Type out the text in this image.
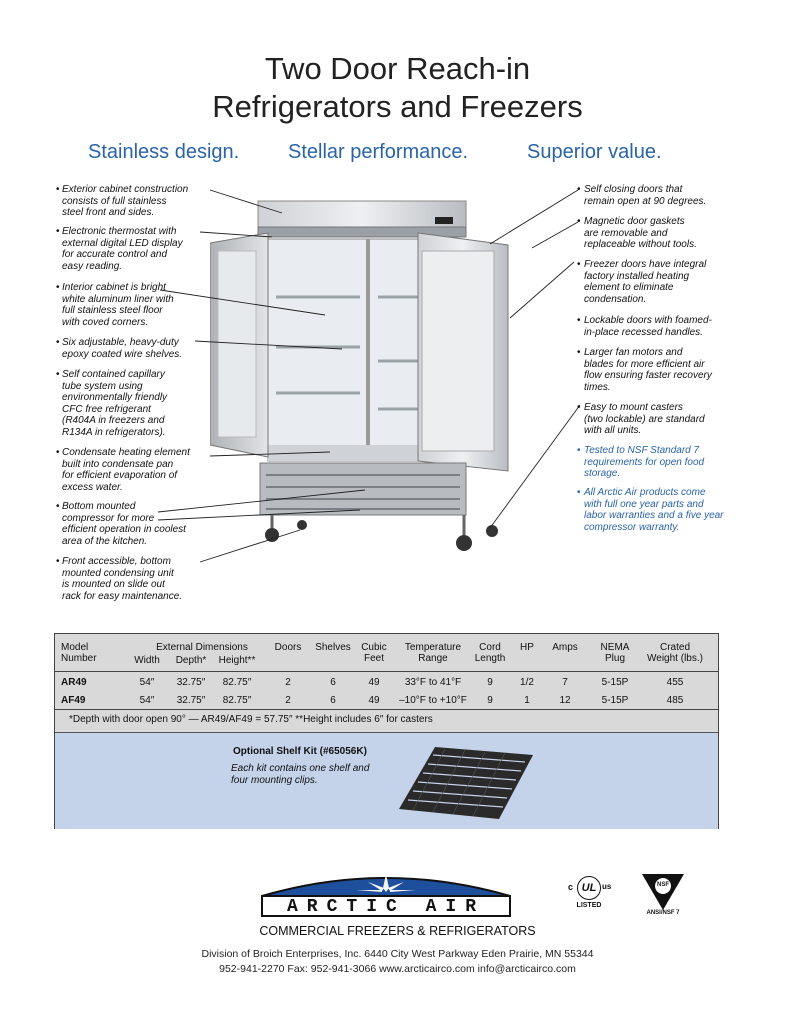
Two Door Reach-in
Refrigerators and Freezers
Stainless design. Stellar performance.	Superior value.
• Exterior cabinet construction
consists of full stainless
steel front and sides.
• Electronic thermostat with
external digital LED display
for accurate control and
easy reading.
• Interior cabinet is bright
white aluminum liner with
full stainless steel floor
with coved corners.
• Six adjustable, heavy-duty
epoxy coated wire shelves.
• Self contained capillary
tube system using
environmentally friendly
CFC free refrigerant
(R404A in freezers and
R134A in refrigerators).
• Condensate heating element
built into condensate pan
for efficient evaporation of
excess water.
• Bottom mounted
compressor for more
efficient operation in coolest
area of the kitchen.
• Front accessible, bottom
mounted condensing unit
is mounted on slide out
rack for easy maintenance.
• Self closing doors that
remain open at 90 degrees.
• Magnetic door gaskets
are removable and
replaceable without tools.
• Freezer doors have integral
factory installed heating
element to eliminate
condensation.
• Lockable doors with foamed-
in-place recessed handles.
• Larger fan motors and
blades for more efficient air
flow ensuring faster recovery
times.
• Easy to mount casters
(two lockable) are standard
with all units.
• Tested to NSF Standard 7
requirements for open food
storage.
• All Arctic Air products come
with full one year parts and
labor warranties and a five year
compressor warranty.
Model
Number
External Dimensions
Width	Depth*	Height**
Doors	Shelves	Cubic
Feet
Temperature
Range
Cord
Length
HP	Amps	NEMA
Plug
Crated
Weight (lbs.)
AR49	54″	32.75″	82.75″	2	6	49	33°F to 41°F	9	1/2	7	5-15P	455
AF49	54″	32.75″	82.75″	2	6	49	–10°F to +10°F	9	1	12	5-15P	485
*Depth with door open 90° — AR49/AF49 = 57.75″ **Height includes 6″ for casters
Optional Shelf Kit (#65056K)
Each kit contains one shelf and
four mounting clips.
ARCTIC AIR
COMMERCIAL FREEZERS & REFRIGERATORS
c UL us
LISTED
NSF
ANSI/NSF 7
Division of Broich Enterprises, Inc. 6440 City West Parkway Eden Prairie, MN 55344
952-941-2270 Fax: 952-941-3066 www.arcticairco.com info@arcticairco.com
